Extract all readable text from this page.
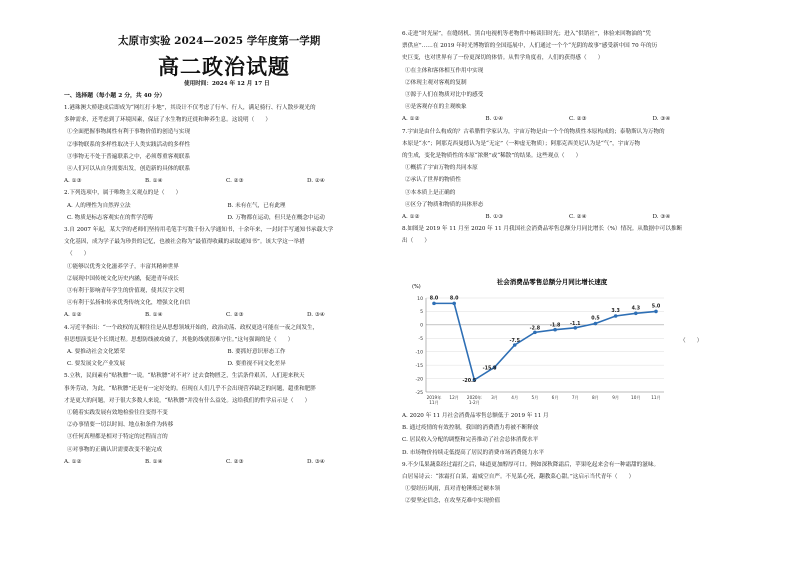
太原市实验 2024—2025 学年度第一学期
高二政治试题
使用时间：2024 年 12 月 17 日
一、选择题（每小题 2 分，共 40 分）
1.港珠澳大桥建成后即成为“网红打卡地”，其设计不仅考虑了行车、行人，满足骑行、行人散步观光的
多种需求，还考虑到了环境因素，保证了水生物的迁徙和种养生息。这说明（　　）
①全面把握事物属性有利于事物价值的创造与实现
②事物联系的多样性取决于人类实践活动的多样性
③事物无不处于普遍联系之中，必须尊重客观联系
④人们可以从自身需要出发，创造新的具体的联系
A. ①③	B. ①④	C. ②③	D. ②④
2.下列选项中，属于唯物主义观点的是（　　）
A. 人的理性为自然界立法	B. 未有在气，已有此理
C. 物质是标志客观实在的哲学范畴	D. 万物都在运动，但只是在概念中运动
3.自 2007 年起，某大学的老师们坚持用毛笔手写数千份入学通知书，十余年来，一封封手写通知书承载大学
文化基因，成为学子最为珍贵的记忆，也被社会称为“最值得收藏的录取通知书”。该大学这一举措
（　　）
①能够以优秀文化滋养学子，丰富其精神世界
②展现中国传统文化历史内涵，促进青年成长
③有利于影响青年学生的价值观，使其汉字文明
④有利于弘扬和传承优秀传统文化，增强文化自信
A. ①②	B. ①④	C. ②③	D. ③④
4.习近平指出：“一个政权的瓦解往往是从思想领域开始的，政治动荡、政权更迭可能在一夜之间发生，
但思想演变是个长期过程。思想防线被攻破了，其他防线就很难守住。”这句强调的是（　　）
A. 要推动社会文化繁荣	B. 要抓好意识形态工作
C. 要发展文化产业发展	D. 要重视不同文化差异
5.立秋，民间素有“贴秋膘”一说。“贴秋膘”对不对？过去食物匮乏，生活条件艰苦，人们迎来秋天
事务劳动，为此，“贴秋膘”还是有一定好处的。但现在人们几乎不会出现营养缺乏的问题，超重和肥胖
才是更大的问题，对于很大多数人来说，“贴秋膘”并没有什么益处。这给我们的哲学启示是（　　）
①随着实践发展有效地检验往往变得不变
②办事情要一切以时间、地点和条件为转移
③任何真理都是相对于特定的过程而言的
④对事物的正确认识需要改变不能完成
A. ①②	B. ①④	C. ②③	D. ③④
6.走进“时光屋”，在缝纫机、黑白电视机等老物件中畅谈旧时光；进入“供销社”，体验来回物油的“凭
票供应”……在 2019 年时光博物馆的全国巡展中，人们通过一个个“光阴的故事”感受新中国 70 年的历
史巨变，也对世界有了一份更深切的体悟。从哲学角度看，人们的获得感（　　）
①在主体和客体相互作用中实现
②体现主观对客观的复制
③源于人们在物质对比中的感受
④是客观存在的主观映象
A. ①②	B. ①④	C. ②③	D. ③④
7.宇宙是由什么构成的？古希腊哲学家认为，宇宙万物是由一个个的物质性本原构成的；泰勒斯认为万物的
本原是“水”；阿那克西曼德认为是“无定”（一种虚无物质）；阿那克西美尼认为是“气”，宇宙万物
的生成，变化是物质性的本原“浓聚”或“稀散”的结果。这些观点（　　）
①概括了宇宙万物的共同本原
②承认了世界的物质性
③本本质上是正确的
④区分了物质和物质的具体形态
A. ①②	B. ①③	C. ②④	D. ③④
8.如图是 2019 年 11 月至 2020 年 11 月我国社会消费品零售总额分月同比增长（%）情况。从数据中可以推断
出（　　）
社会消费品零售总额分月同比增长速度
(%)
10
5
0
-5
-10
-15
-20
-25
8.0 8.0
-20.5
-15.8
-7.5
-2.8
-1.8 -1.1
0.5
3.3
4.3 5.0
2019年
11月
12月 2020年
1-2月
3月	4月	5月	6月	7月	8月	9月	10月	11月
（　　）
A. 2020 年 11 月社会消费品零售总额低于 2019 年 11 月
B. 通过疫情的有效控制，我国的消费潜力将被不断释放
C. 居民收入分配的调整和完善推动了社会总体消费水平
D. 市场物价持续走低提高了居民的消费市场消费能力水平
9.不少瓜果蔬菜经过霜打之后，味道更加醇厚可口。例如深秋降霜后，苹果吃起来会有一种霜甜的滋味。
白居易诗云：“浓霜打白菜，霜威空自严。不见菜心死，翻教菜心甜。”这启示当代青年（　　）
①要经历风雨，真对青枪锤炼过硬本领
②要坚定信念，在攻坚克难中实现价值
